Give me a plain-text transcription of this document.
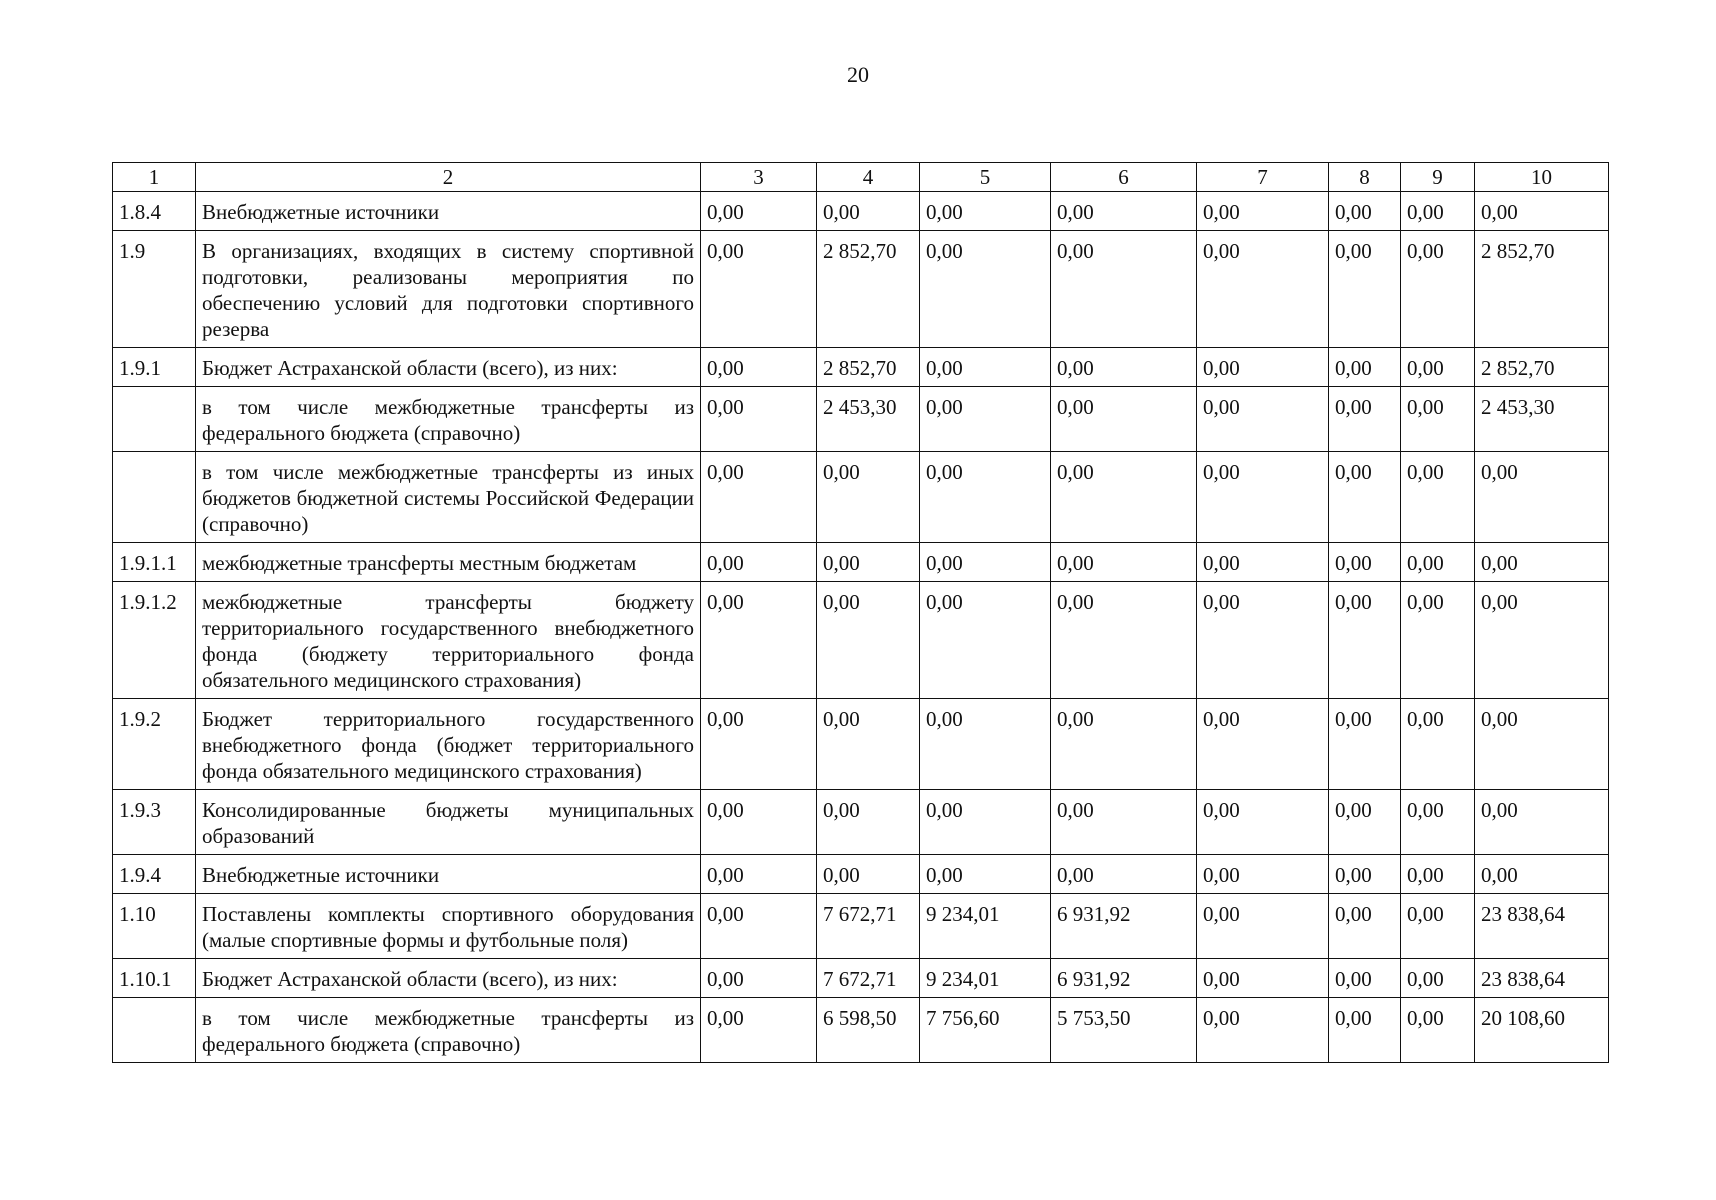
20
1	2	3	4	5	6	7	8	9	10
1.8.4	Внебюджетные источники	0,00	0,00	0,00	0,00	0,00	0,00	0,00	0,00
1.9	В организациях, входящих в систему спортивной подготовки, реализованы мероприятия по обеспечению условий для подготовки спортивного резерва	0,00	2 852,70	0,00	0,00	0,00	0,00	0,00	2 852,70
1.9.1	Бюджет Астраханской области (всего), из них:	0,00	2 852,70	0,00	0,00	0,00	0,00	0,00	2 852,70
	в том числе межбюджетные трансферты из федерального бюджета (справочно)	0,00	2 453,30	0,00	0,00	0,00	0,00	0,00	2 453,30
	в том числе межбюджетные трансферты из иных бюджетов бюджетной системы Российской Федерации (справочно)	0,00	0,00	0,00	0,00	0,00	0,00	0,00	0,00
1.9.1.1	межбюджетные трансферты местным бюджетам	0,00	0,00	0,00	0,00	0,00	0,00	0,00	0,00
1.9.1.2	межбюджетные трансферты бюджету территориального государственного внебюджетного фонда (бюджету территориального фонда обязательного медицинского страхования)	0,00	0,00	0,00	0,00	0,00	0,00	0,00	0,00
1.9.2	Бюджет территориального государственного внебюджетного фонда (бюджет территориального фонда обязательного медицинского страхования)	0,00	0,00	0,00	0,00	0,00	0,00	0,00	0,00
1.9.3	Консолидированные бюджеты муниципальных образований	0,00	0,00	0,00	0,00	0,00	0,00	0,00	0,00
1.9.4	Внебюджетные источники	0,00	0,00	0,00	0,00	0,00	0,00	0,00	0,00
1.10	Поставлены комплекты спортивного оборудования (малые спортивные формы и футбольные поля)	0,00	7 672,71	9 234,01	6 931,92	0,00	0,00	0,00	23 838,64
1.10.1	Бюджет Астраханской области (всего), из них:	0,00	7 672,71	9 234,01	6 931,92	0,00	0,00	0,00	23 838,64
	в том числе межбюджетные трансферты из федерального бюджета (справочно)	0,00	6 598,50	7 756,60	5 753,50	0,00	0,00	0,00	20 108,60
